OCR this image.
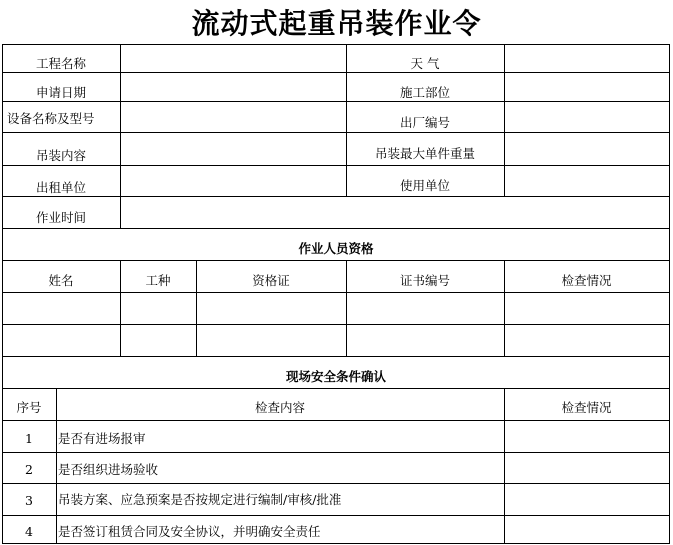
流动式起重吊装作业令
工程名称	天 气
申请日期	施工部位
设备名称及型号	出厂编号
吊装内容	吊装最大单件重量
出租单位	使用单位
作业时间
作业人员资格
姓名	工种	资格证	证书编号	检查情况
现场安全条件确认
序号	检查内容	检查情况
1	是否有进场报审
2	是否组织进场验收
3	吊装方案、应急预案是否按规定进行编制/审核/批准
4	是否签订租赁合同及安全协议，并明确安全责任
